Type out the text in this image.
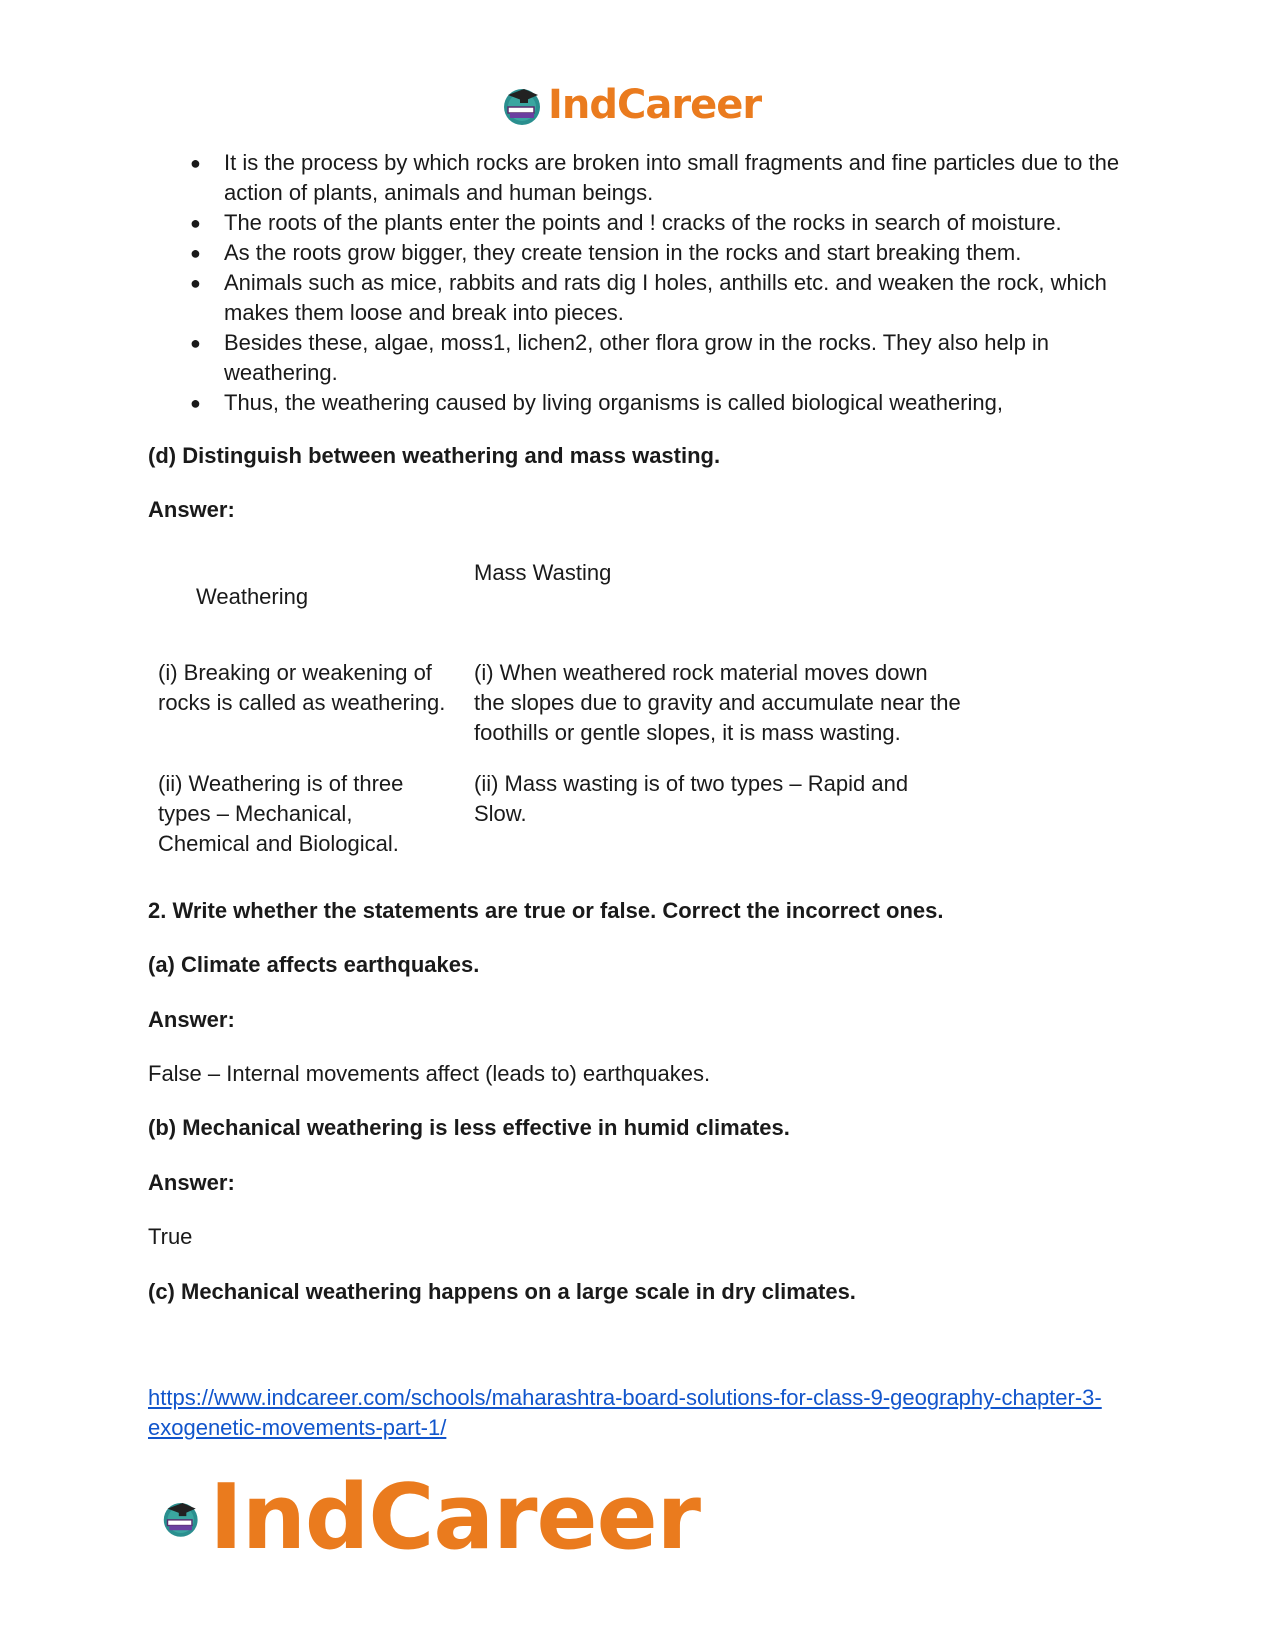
IndCareer
● It is the process by which rocks are broken into small fragments and fine particles due to the action of plants, animals and human beings.
● The roots of the plants enter the points and ! cracks of the rocks in search of moisture.
● As the roots grow bigger, they create tension in the rocks and start breaking them.
● Animals such as mice, rabbits and rats dig I holes, anthills etc. and weaken the rock, which makes them loose and break into pieces.
● Besides these, algae, moss1, lichen2, other flora grow in the rocks. They also help in weathering.
● Thus, the weathering caused by living organisms is called biological weathering,
(d) Distinguish between weathering and mass wasting.
Answer:
Weathering
Mass Wasting
(i) Breaking or weakening of rocks is called as weathering.
(i) When weathered rock material moves down the slopes due to gravity and accumulate near the foothills or gentle slopes, it is mass wasting.
(ii) Weathering is of three types – Mechanical, Chemical and Biological.
(ii) Mass wasting is of two types – Rapid and Slow.
2. Write whether the statements are true or false. Correct the incorrect ones.
(a) Climate affects earthquakes.
Answer:
False – Internal movements affect (leads to) earthquakes.
(b) Mechanical weathering is less effective in humid climates.
Answer:
True
(c) Mechanical weathering happens on a large scale in dry climates.
https://www.indcareer.com/schools/maharashtra-board-solutions-for-class-9-geography-chapter-3-exogenetic-movements-part-1/
IndCareer
